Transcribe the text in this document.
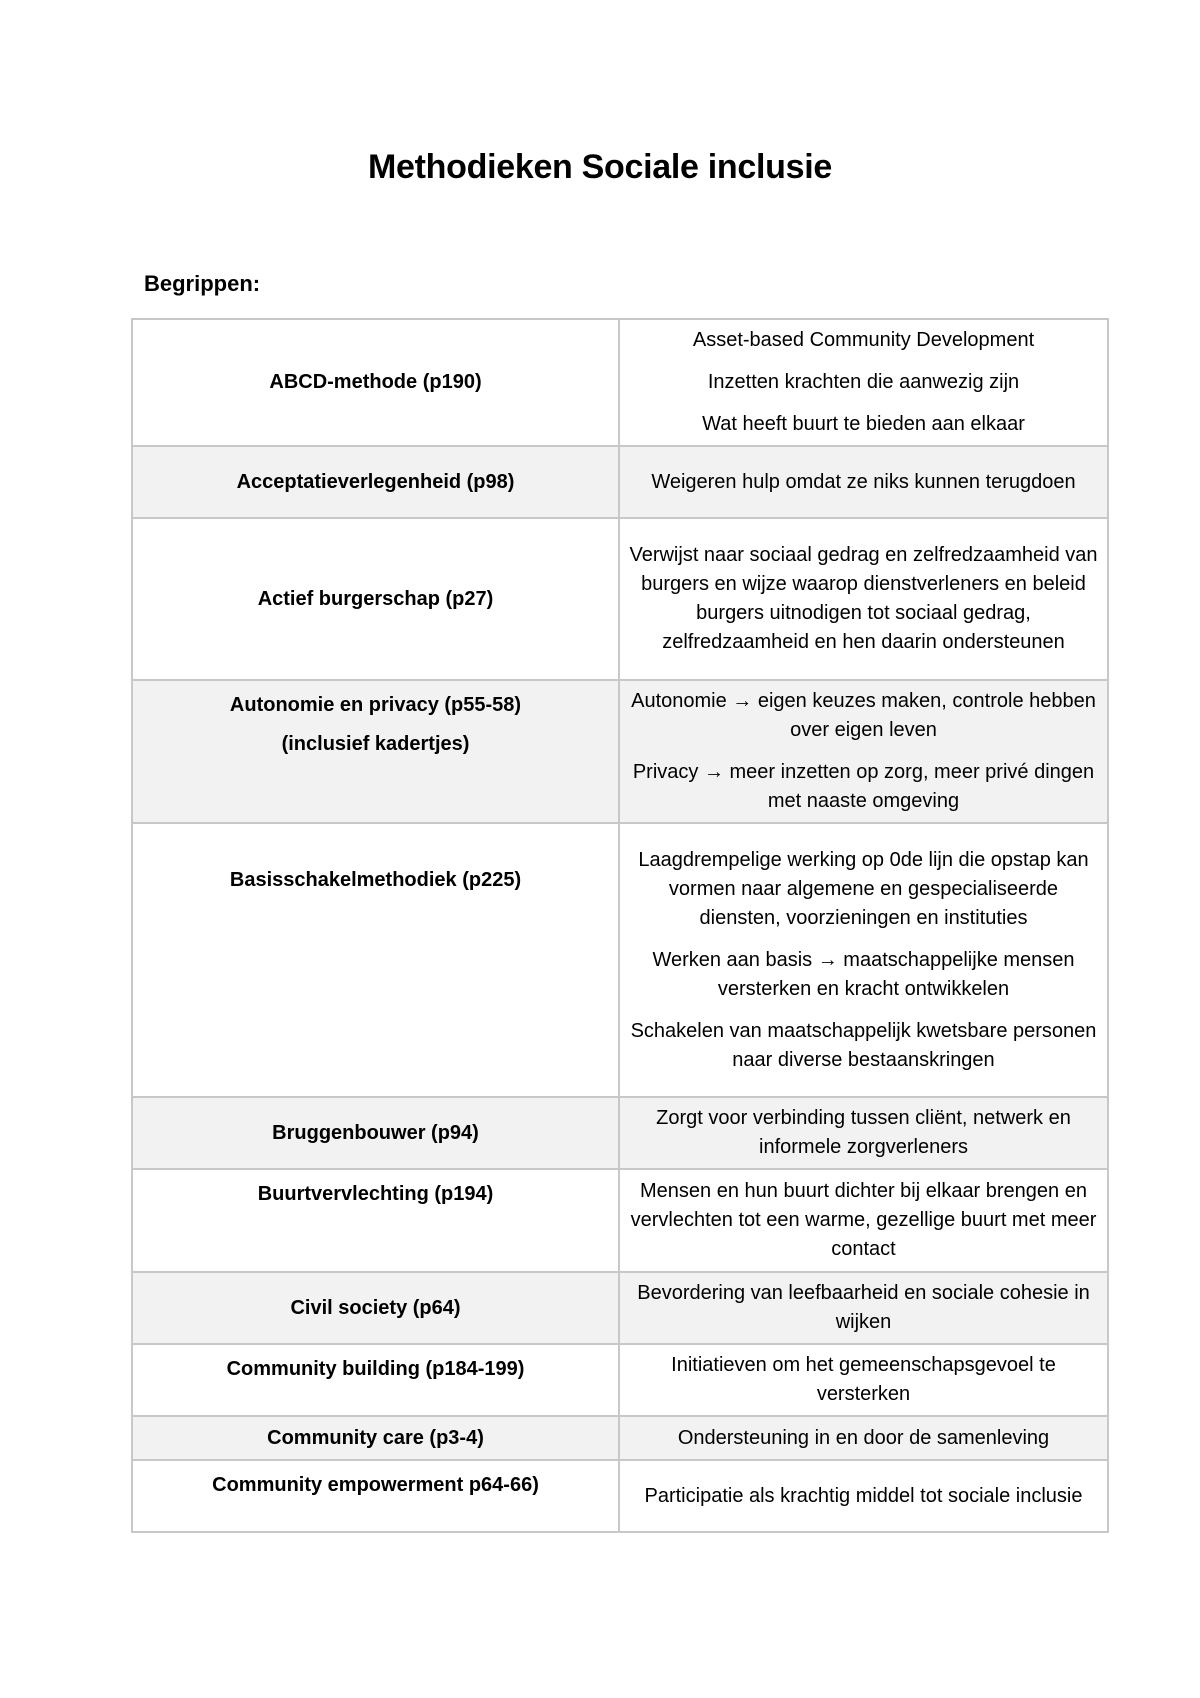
Methodieken Sociale inclusie
Begrippen:
ABCD-methode (p190)	Asset-based Community Development
Inzetten krachten die aanwezig zijn
Wat heeft buurt te bieden aan elkaar

Acceptatieverlegenheid (p98)	Weigeren hulp omdat ze niks kunnen terugdoen

Actief burgerschap (p27)	Verwijst naar sociaal gedrag en zelfredzaamheid van burgers en wijze waarop dienstverleners en beleid burgers uitnodigen tot sociaal gedrag, zelfredzaamheid en hen daarin ondersteunen

Autonomie en privacy (p55-58)
(inclusief kadertjes)	Autonomie → eigen keuzes maken, controle hebben over eigen leven
Privacy → meer inzetten op zorg, meer privé dingen met naaste omgeving

Basisschakelmethodiek (p225)	Laagdrempelige werking op 0de lijn die opstap kan vormen naar algemene en gespecialiseerde diensten, voorzieningen en instituties
Werken aan basis → maatschappelijke mensen versterken en kracht ontwikkelen
Schakelen van maatschappelijk kwetsbare personen naar diverse bestaanskringen

Bruggenbouwer (p94)	Zorgt voor verbinding tussen cliënt, netwerk en informele zorgverleners

Buurtvervlechting (p194)	Mensen en hun buurt dichter bij elkaar brengen en vervlechten tot een warme, gezellige buurt met meer contact

Civil society (p64)	Bevordering van leefbaarheid en sociale cohesie in wijken

Community building (p184-199)	Initiatieven om het gemeenschapsgevoel te versterken

Community care (p3-4)	Ondersteuning in en door de samenleving

Community empowerment p64-66)	Participatie als krachtig middel tot sociale inclusie
